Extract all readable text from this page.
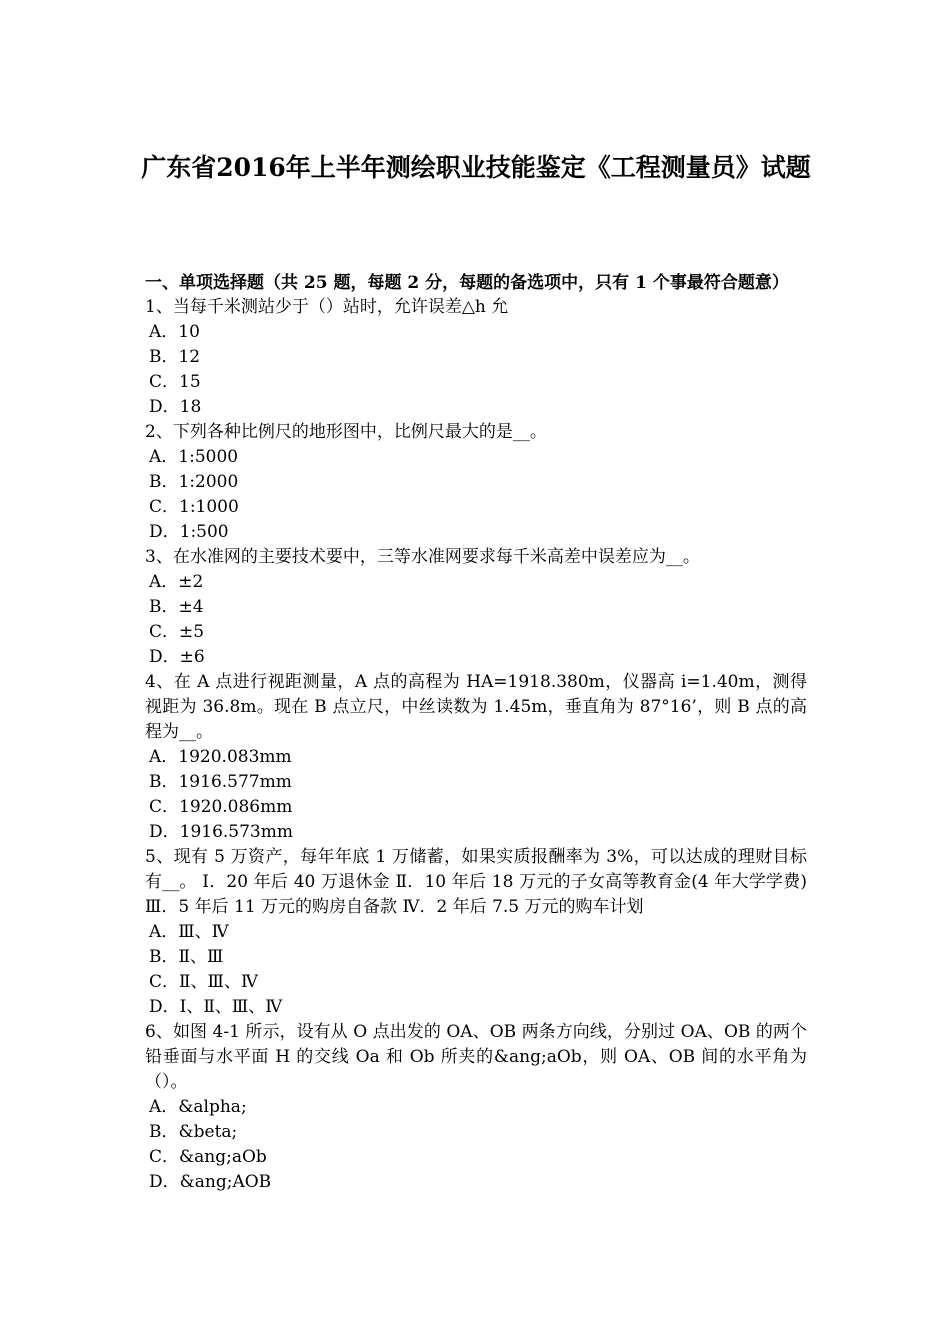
广东省2016年上半年测绘职业技能鉴定《工程测量员》试题
一、单项选择题（共 25 题，每题 2 分，每题的备选项中，只有 1 个事最符合题意）
1、当每千米测站少于（）站时，允许误差△h 允
A．10
B．12
C．15
D．18
2、下列各种比例尺的地形图中，比例尺最大的是__。
A．1:5000
B．1:2000
C．1:1000
D．1:500
3、在水准网的主要技术要中，三等水准网要求每千米高差中误差应为__。
A．±2
B．±4
C．±5
D．±6
4、在 A 点进行视距测量，A 点的高程为 HA=1918.380m，仪器高 i=1.40m，测得视距为 36.8m。现在 B 点立尺，中丝读数为 1.45m，垂直角为 87°16’，则 B 点的高程为__。
A．1920.083mm
B．1916.577mm
C．1920.086mm
D．1916.573mm
5、现有 5 万资产，每年年底 1 万储蓄，如果实质报酬率为 3%，可以达成的理财目标有__。 Ⅰ．20 年后 40 万退休金 Ⅱ．10 年后 18 万元的子女高等教育金(4 年大学学费) Ⅲ．5 年后 11 万元的购房自备款 Ⅳ．2 年后 7.5 万元的购车计划
A．Ⅲ、Ⅳ
B．Ⅱ、Ⅲ
C．Ⅱ、Ⅲ、Ⅳ
D．Ⅰ、Ⅱ、Ⅲ、Ⅳ
6、如图 4-1 所示，设有从 O 点出发的 OA、OB 两条方向线，分别过 OA、OB 的两个铅垂面与水平面 H 的交线 Oa 和 Ob 所夹的&ang;aOb，则 OA、OB 间的水平角为（）。
A．&alpha;
B．&beta;
C．&ang;aOb
D．&ang;AOB
